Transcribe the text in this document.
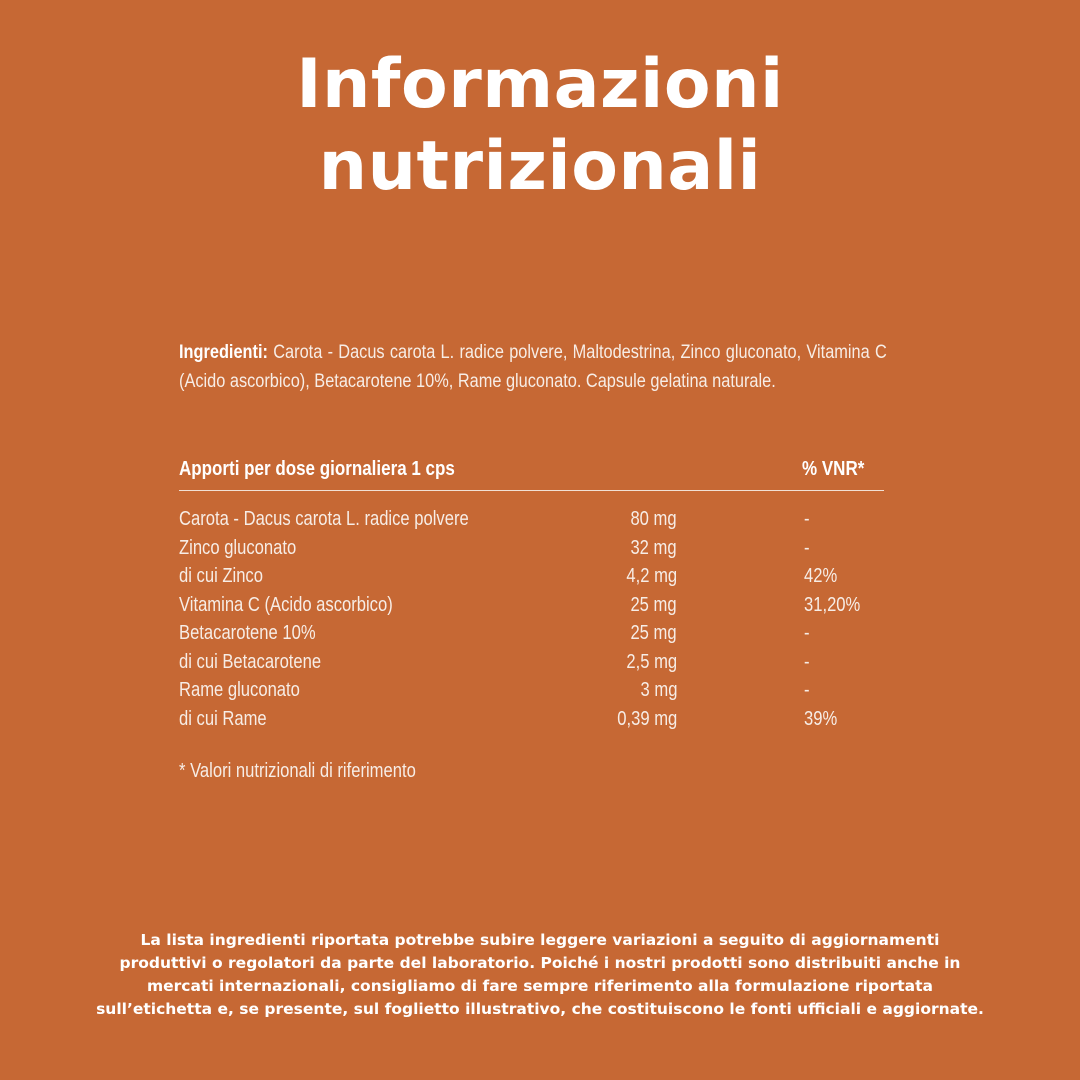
Informazioni
nutrizionali
Ingredienti: Carota - Dacus carota L. radice polvere, Maltodestrina, Zinco gluconato, Vitamina C (Acido ascorbico), Betacarotene 10%, Rame gluconato. Capsule gelatina naturale.
Apporti per dose giornaliera 1 cps	% VNR*
Carota - Dacus carota L. radice polvere	80 mg	-
Zinco gluconato	32 mg	-
di cui Zinco	4,2 mg	42%
Vitamina C (Acido ascorbico)	25 mg	31,20%
Betacarotene 10%	25 mg	-
di cui Betacarotene	2,5 mg	-
Rame gluconato	3 mg	-
di cui Rame	0,39 mg	39%
* Valori nutrizionali di riferimento
La lista ingredienti riportata potrebbe subire leggere variazioni a seguito di aggiornamenti
produttivi o regolatori da parte del laboratorio. Poiché i nostri prodotti sono distribuiti anche in
mercati internazionali, consigliamo di fare sempre riferimento alla formulazione riportata
sull’etichetta e, se presente, sul foglietto illustrativo, che costituiscono le fonti ufficiali e aggiornate.
